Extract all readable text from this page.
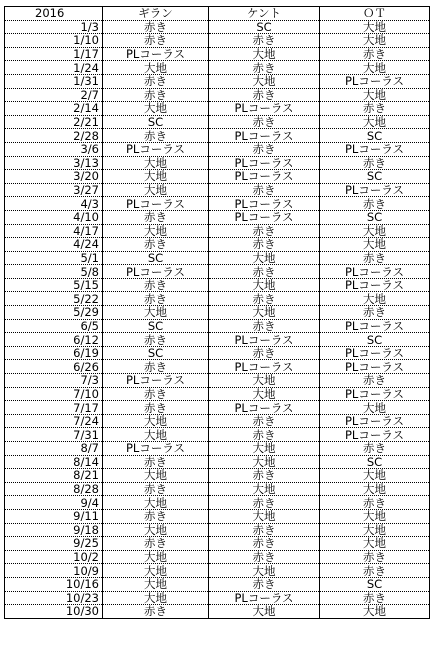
2016	ギラン	ケント	ＯＴ
1/3	赤き	SC	大地
1/10	赤き	赤き	大地
1/17	PLコーラス	大地	赤き
1/24	大地	赤き	大地
1/31	赤き	大地	PLコーラス
2/7	赤き	赤き	大地
2/14	大地	PLコーラス	赤き
2/21	SC	赤き	大地
2/28	赤き	PLコーラス	SC
3/6	PLコーラス	赤き	PLコーラス
3/13	大地	PLコーラス	赤き
3/20	大地	PLコーラス	SC
3/27	大地	赤き	PLコーラス
4/3	PLコーラス	PLコーラス	赤き
4/10	赤き	PLコーラス	SC
4/17	大地	赤き	大地
4/24	赤き	赤き	大地
5/1	SC	大地	赤き
5/8	PLコーラス	赤き	PLコーラス
5/15	赤き	大地	PLコーラス
5/22	赤き	赤き	大地
5/29	大地	大地	赤き
6/5	SC	赤き	PLコーラス
6/12	赤き	PLコーラス	SC
6/19	SC	赤き	PLコーラス
6/26	赤き	PLコーラス	PLコーラス
7/3	PLコーラス	大地	赤き
7/10	赤き	大地	PLコーラス
7/17	赤き	PLコーラス	大地
7/24	大地	赤き	PLコーラス
7/31	大地	赤き	PLコーラス
8/7	PLコーラス	大地	赤き
8/14	赤き	大地	SC
8/21	大地	赤き	大地
8/28	赤き	大地	大地
9/4	大地	赤き	赤き
9/11	赤き	大地	大地
9/18	大地	赤き	大地
9/25	赤き	赤き	大地
10/2	大地	赤き	赤き
10/9	大地	大地	赤き
10/16	大地	赤き	SC
10/23	大地	PLコーラス	赤き
10/30	赤き	大地	大地
